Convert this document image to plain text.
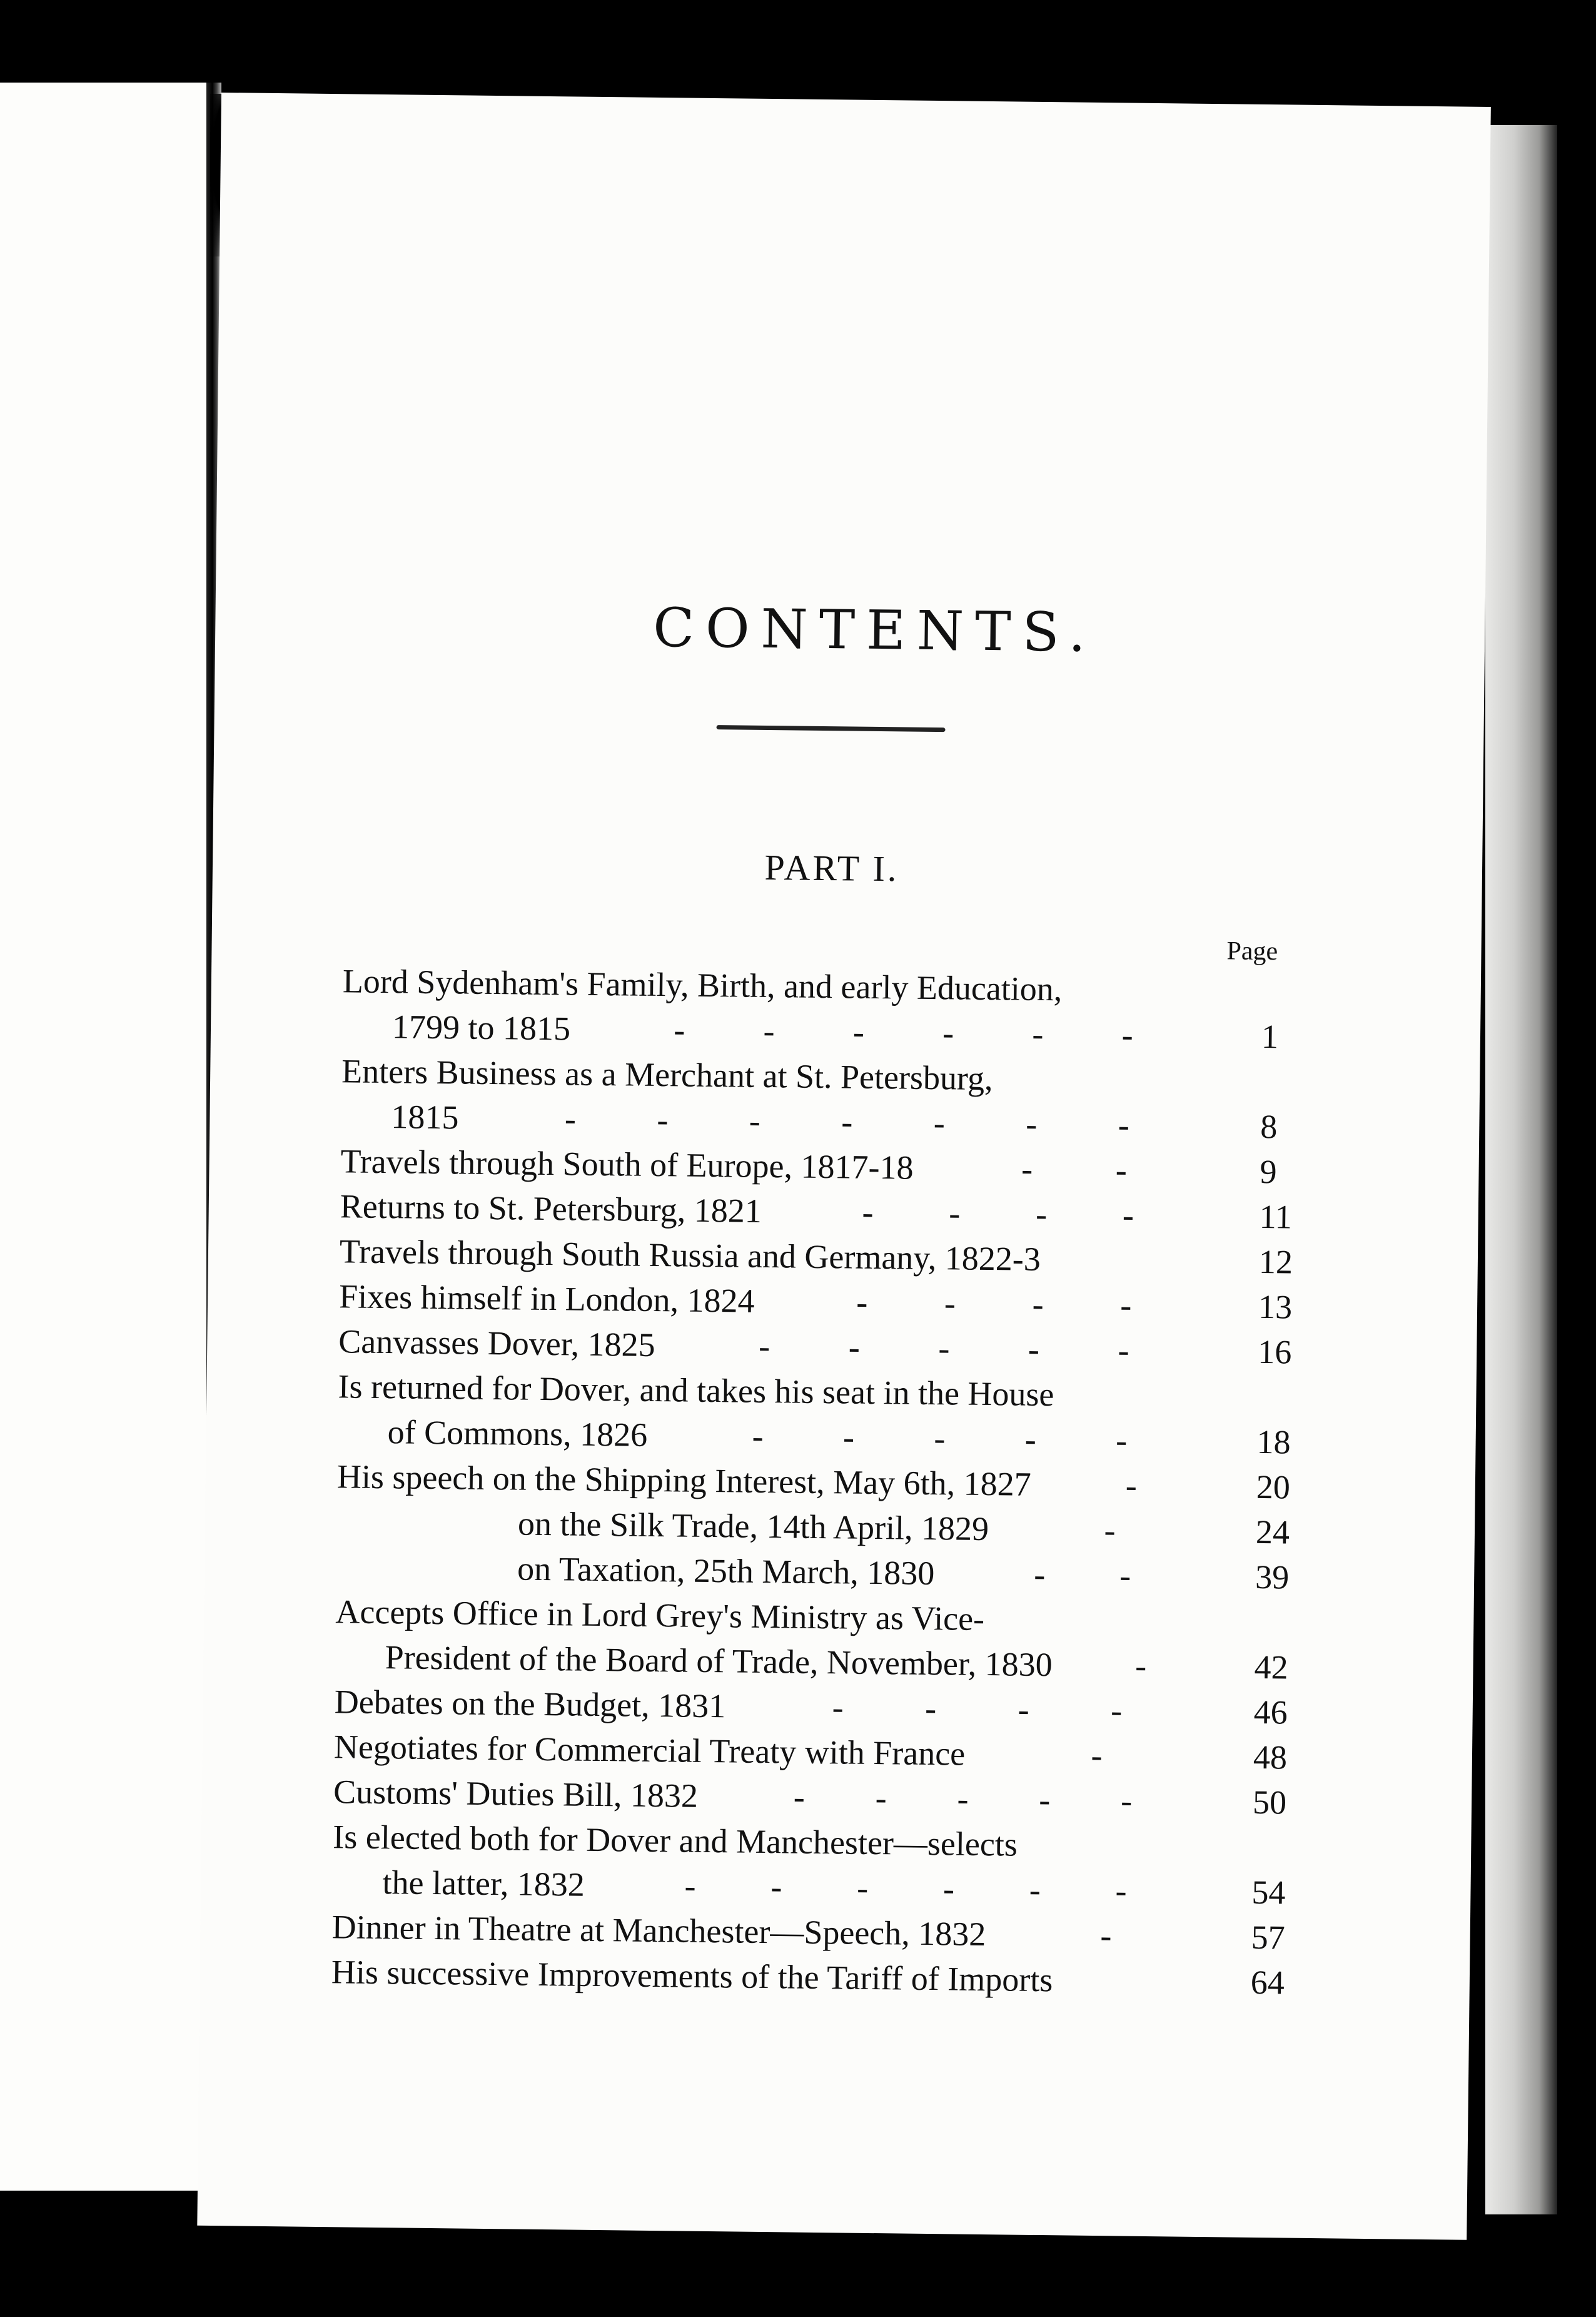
CONTENTS.
PART I.
Page
Lord Sydenham's Family, Birth, and early Education,
1799 to 1815	- - - - - -	1
Enters Business as a Merchant at St. Petersburg,
1815	- - - - - - -	8
Travels through South of Europe, 1817-18	- -	9
Returns to St. Petersburg, 1821	- - - -	11
Travels through South Russia and Germany, 1822-3	12
Fixes himself in London, 1824	- - - -	13
Canvasses Dover, 1825	- - - - -	16
Is returned for Dover, and takes his seat in the House
of Commons, 1826	- - - - -	18
His speech on the Shipping Interest, May 6th, 1827	-	20
on the Silk Trade, 14th April, 1829	-	24
on Taxation, 25th March, 1830	- -	39
Accepts Office in Lord Grey's Ministry as Vice-
President of the Board of Trade, November, 1830 -	42
Debates on the Budget, 1831	- - - -	46
Negotiates for Commercial Treaty with France	-	48
Customs' Duties Bill, 1832	- - - - -	50
Is elected both for Dover and Manchester—selects
the latter, 1832	- - - - - -	54
Dinner in Theatre at Manchester—Speech, 1832	-	57
His successive Improvements of the Tariff of Imports	64
